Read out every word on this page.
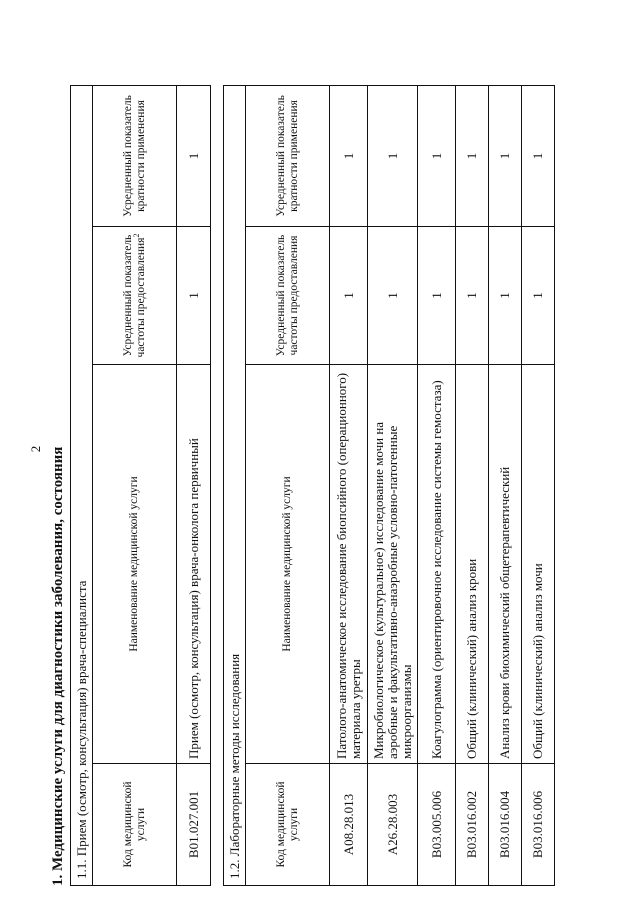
2 1. Медицинские услуги для диагностики заболевания, состояния 1.1. Прием (осмотр, консультация) врача-специалиста			
Код медицинской услуги	Наименование медицинской услуги	Усредненный показатель частоты предоставления$^2$	Усредненный показатель кратности применения
B01.027.001	Прием (осмотр, консультация) врача-онколога первичный	1	1
1.2. Лабораторные методы исследования			
Код медицинской услуги	Наименование медицинской услуги	Усредненный показатель частоты предоставления	Усредненный показатель кратности применения
A08.28.013	Патолого-анатомическое исследование биопсийного (операционного) материала уретры	1	1
A26.28.003	Микробиологическое (культуральное) исследование мочи на аэробные и факультативно-анаэробные условно-патогенные микроорганизмы	1	1
B03.005.006	Коагулограмма (ориентировочное исследование системы гемостаза)	1	1
B03.016.002	Общий (клинический) анализ крови	1	1
B03.016.004	Анализ крови биохимический общетерапевтический	1	1
B03.016.006	Общий (клинический) анализ мочи	1	1
